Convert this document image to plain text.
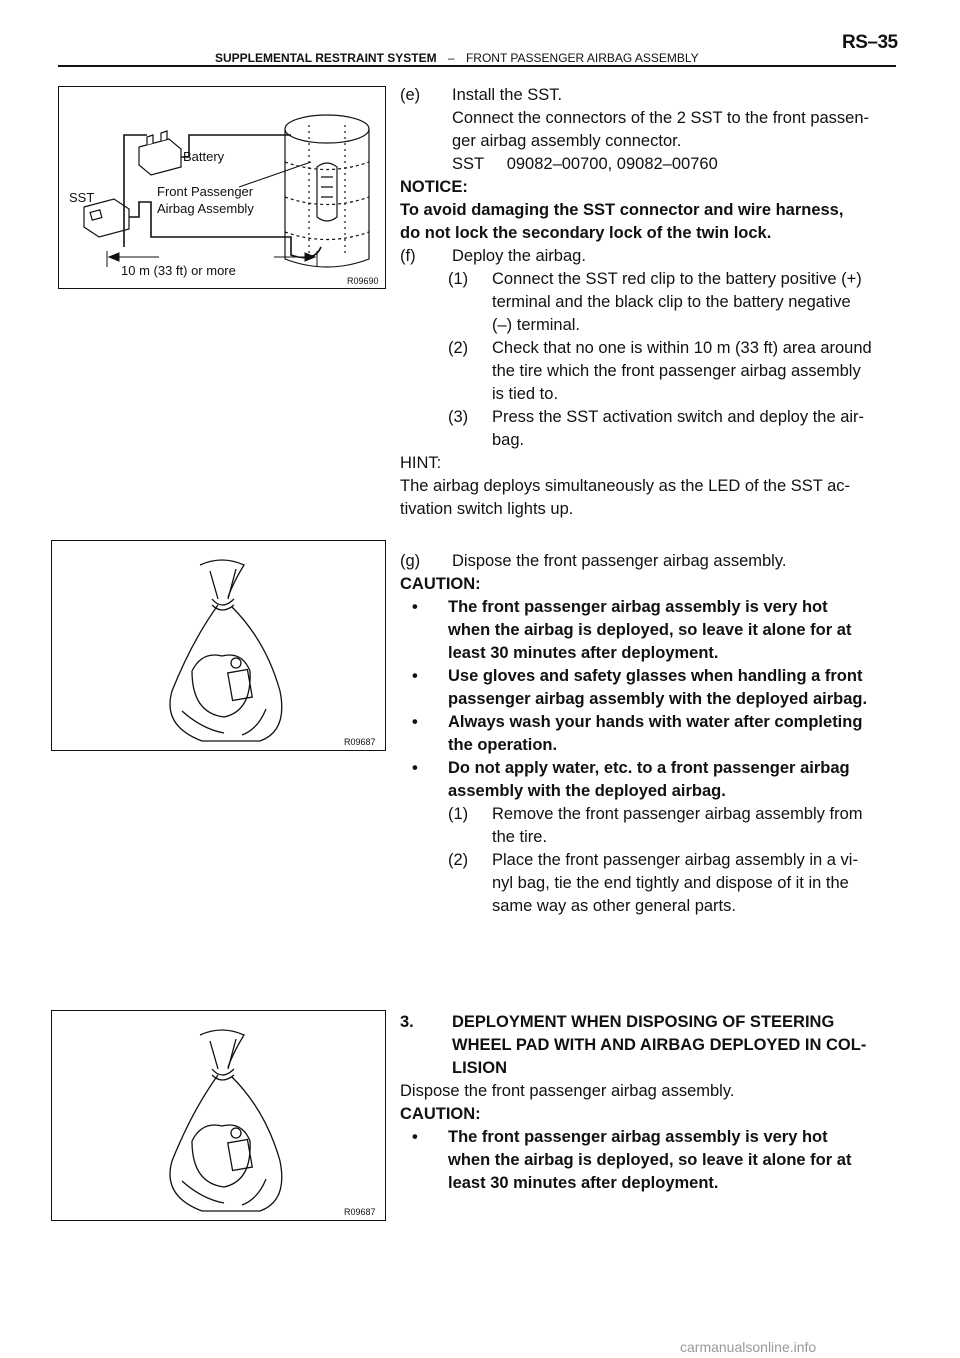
RS–35
SUPPLEMENTAL RESTRAINT SYSTEM – FRONT PASSENGER AIRBAG ASSEMBLY
Battery
SST	Front Passenger
Airbag Assembly
10 m (33 ft) or more
R09690
R09687
R09687
(e) Install the SST.
Connect the connectors of the 2 SST to the front passen-
ger airbag assembly connector.
SST 09082–00700, 09082–00760
NOTICE:
To avoid damaging the SST connector and wire harness,
do not lock the secondary lock of the twin lock.
(f) Deploy the airbag.
(1) Connect the SST red clip to the battery positive (+)
terminal and the black clip to the battery negative
(–) terminal.
(2) Check that no one is within 10 m (33 ft) area around
the tire which the front passenger airbag assembly
is tied to.
(3) Press the SST activation switch and deploy the air-
bag.
HINT:
The airbag deploys simultaneously as the LED of the SST ac-
tivation switch lights up.
(g) Dispose the front passenger airbag assembly.
CAUTION:
• The front passenger airbag assembly is very hot
when the airbag is deployed, so leave it alone for at
least 30 minutes after deployment.
• Use gloves and safety glasses when handling a front
passenger airbag assembly with the deployed airbag.
• Always wash your hands with water after completing
the operation.
• Do not apply water, etc. to a front passenger airbag
assembly with the deployed airbag.
(1) Remove the front passenger airbag assembly from
the tire.
(2) Place the front passenger airbag assembly in a vi-
nyl bag, tie the end tightly and dispose of it in the
same way as other general parts.
3. DEPLOYMENT WHEN DISPOSING OF STEERING
WHEEL PAD WITH AND AIRBAG DEPLOYED IN COL-
LISION
Dispose the front passenger airbag assembly.
CAUTION:
• The front passenger airbag assembly is very hot
when the airbag is deployed, so leave it alone for at
least 30 minutes after deployment.
carmanualsonline.info
